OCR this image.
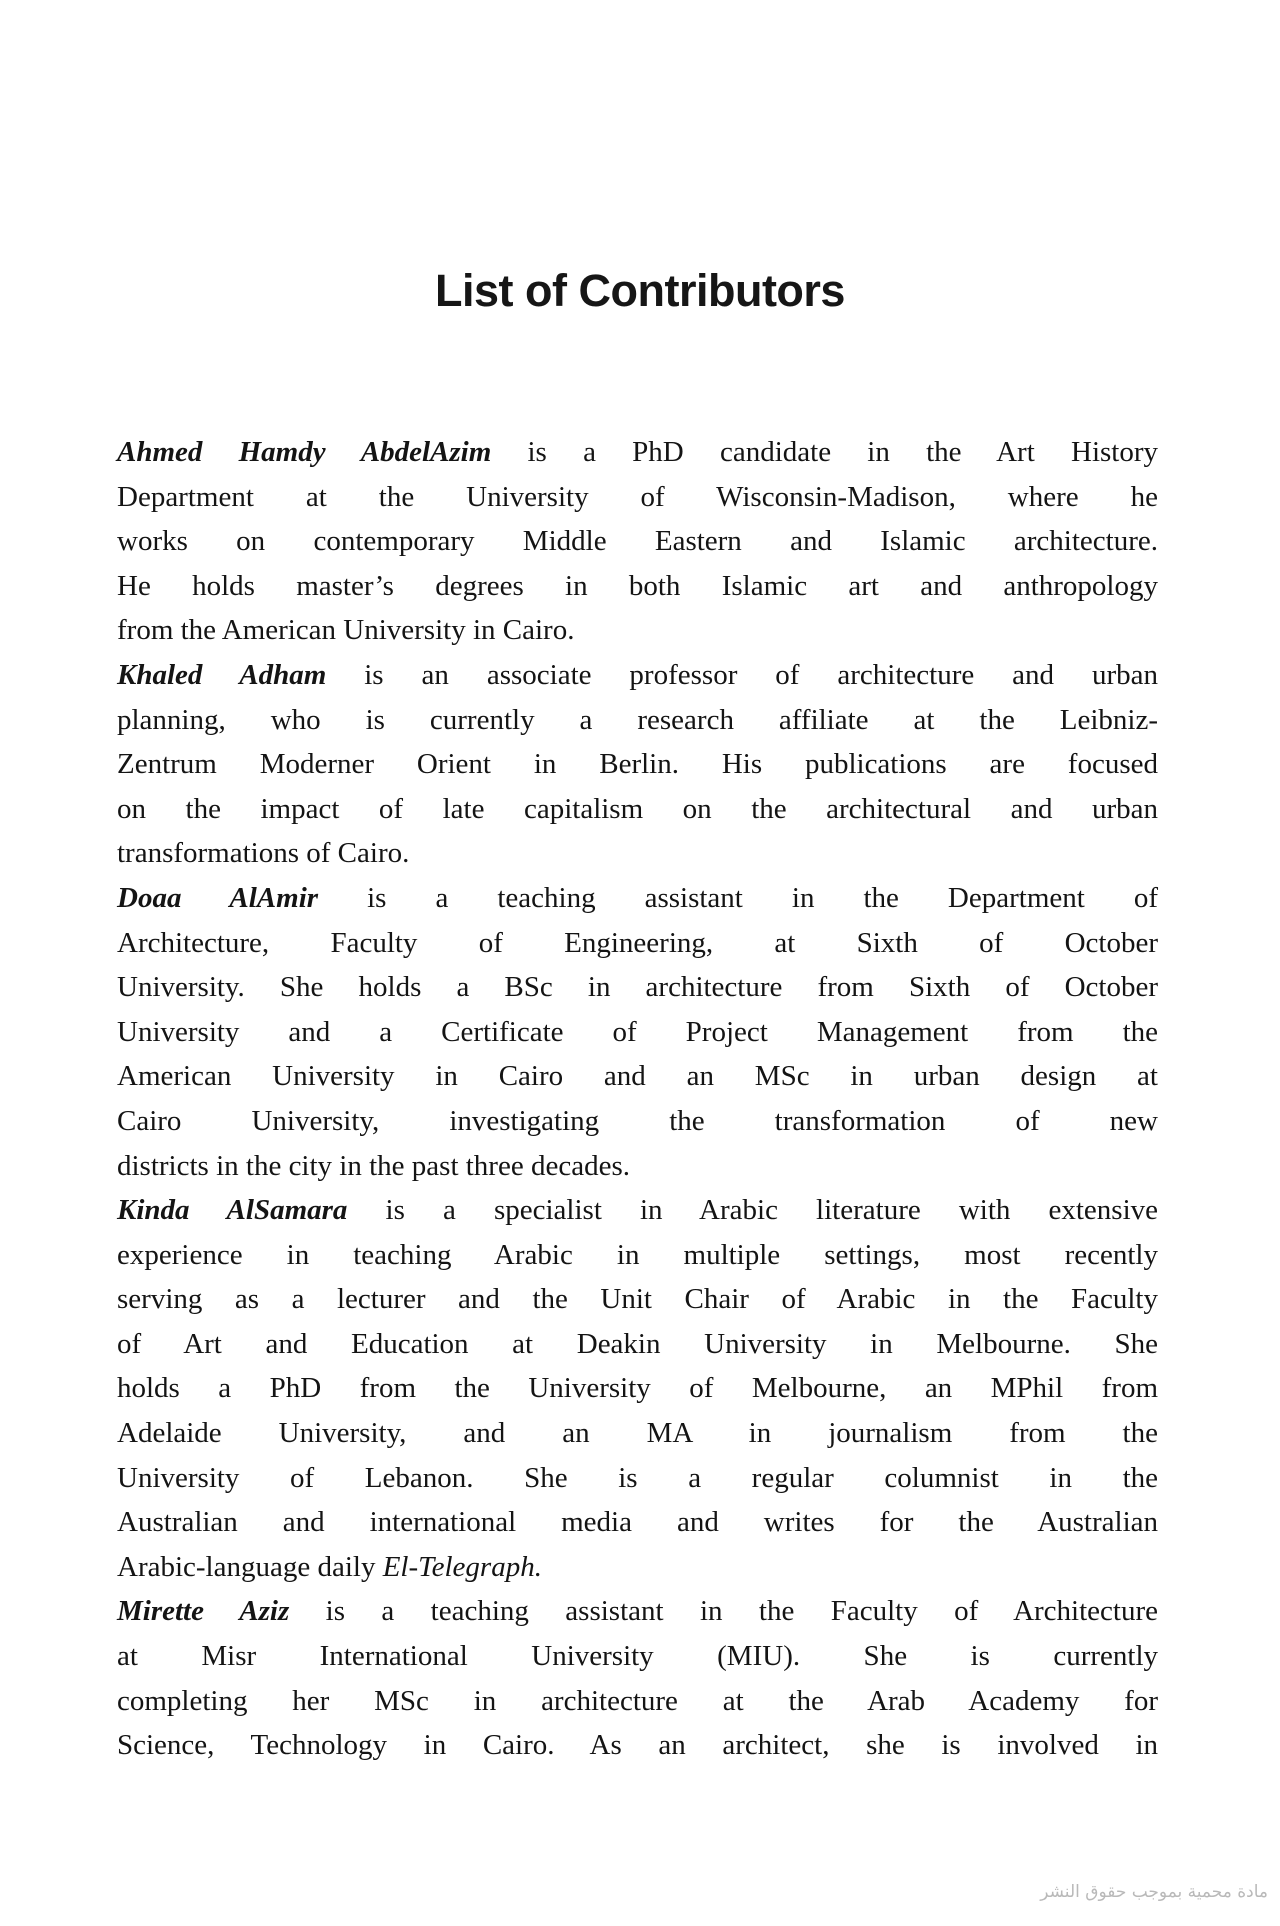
List of Contributors
Ahmed Hamdy AbdelAzim is a PhD candidate in the Art History
Department at the University of Wisconsin-Madison, where he
works on contemporary Middle Eastern and Islamic architecture.
He holds master’s degrees in both Islamic art and anthropology
from the American University in Cairo.
Khaled Adham is an associate professor of architecture and urban
planning, who is currently a research affiliate at the Leibniz-
Zentrum Moderner Orient in Berlin. His publications are focused
on the impact of late capitalism on the architectural and urban
transformations of Cairo.
Doaa AlAmir is a teaching assistant in the Department of
Architecture, Faculty of Engineering, at Sixth of October
University. She holds a BSc in architecture from Sixth of October
University and a Certificate of Project Management from the
American University in Cairo and an MSc in urban design at
Cairo University, investigating the transformation of new
districts in the city in the past three decades.
Kinda AlSamara is a specialist in Arabic literature with extensive
experience in teaching Arabic in multiple settings, most recently
serving as a lecturer and the Unit Chair of Arabic in the Faculty
of Art and Education at Deakin University in Melbourne. She
holds a PhD from the University of Melbourne, an MPhil from
Adelaide University, and an MA in journalism from the
University of Lebanon. She is a regular columnist in the
Australian and international media and writes for the Australian
Arabic-language daily El-Telegraph.
Mirette Aziz is a teaching assistant in the Faculty of Architecture
at Misr International University (MIU). She is currently
completing her MSc in architecture at the Arab Academy for
Science, Technology in Cairo. As an architect, she is involved in
مادة محمية بموجب حقوق النشر
